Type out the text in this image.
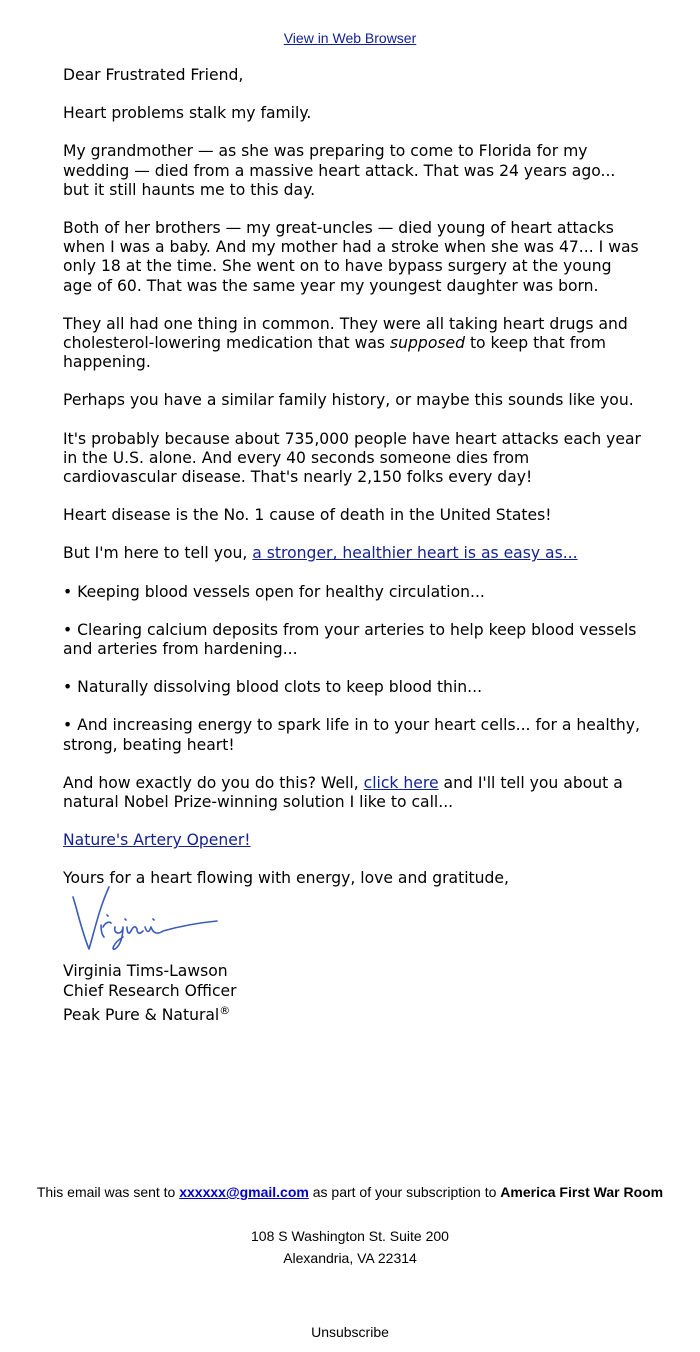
View in Web Browser

Dear Frustrated Friend,

Heart problems stalk my family.

My grandmother — as she was preparing to come to Florida for my wedding — died from a massive heart attack. That was 24 years ago... but it still haunts me to this day.

Both of her brothers — my great-uncles — died young of heart attacks when I was a baby. And my mother had a stroke when she was 47... I was only 18 at the time. She went on to have bypass surgery at the young age of 60. That was the same year my youngest daughter was born.

They all had one thing in common. They were all taking heart drugs and cholesterol-lowering medication that was supposed to keep that from happening.

Perhaps you have a similar family history, or maybe this sounds like you.

It's probably because about 735,000 people have heart attacks each year in the U.S. alone. And every 40 seconds someone dies from cardiovascular disease. That's nearly 2,150 folks every day!

Heart disease is the No. 1 cause of death in the United States!

But I'm here to tell you, a stronger, healthier heart is as easy as...

• Keeping blood vessels open for healthy circulation...

• Clearing calcium deposits from your arteries to help keep blood vessels and arteries from hardening...

• Naturally dissolving blood clots to keep blood thin...

• And increasing energy to spark life in to your heart cells... for a healthy, strong, beating heart!

And how exactly do you do this? Well, click here and I'll tell you about a natural Nobel Prize-winning solution I like to call...

Nature's Artery Opener!

Yours for a heart flowing with energy, love and gratitude,

Virginia Tims-Lawson
Chief Research Officer
Peak Pure & Natural®
This email was sent to xxxxxx@gmail.com as part of your subscription to America First War Room
108 S Washington St. Suite 200
Alexandria, VA 22314
Unsubscribe
